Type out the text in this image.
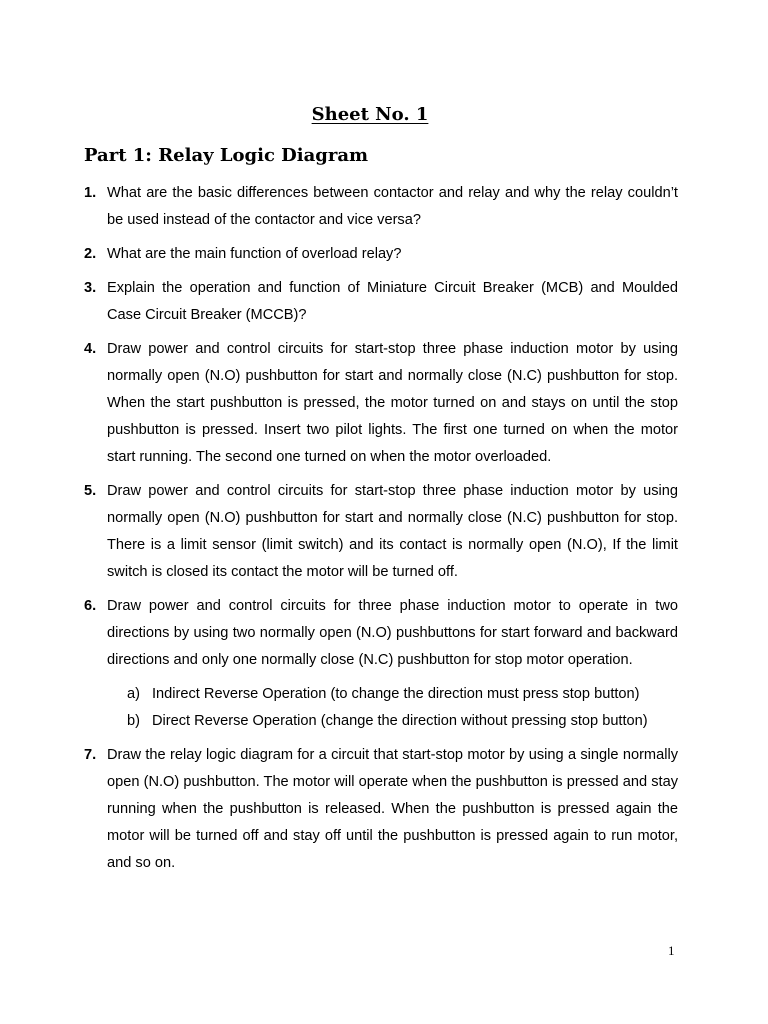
Sheet No. 1
Part 1: Relay Logic Diagram
1. What are the basic differences between contactor and relay and why the relay couldn’t be used instead of the contactor and vice versa?
2. What are the main function of overload relay?
3. Explain the operation and function of Miniature Circuit Breaker (MCB) and Moulded Case Circuit Breaker (MCCB)?
4. Draw power and control circuits for start-stop three phase induction motor by using normally open (N.O) pushbutton for start and normally close (N.C) pushbutton for stop. When the start pushbutton is pressed, the motor turned on and stays on until the stop pushbutton is pressed. Insert two pilot lights. The first one turned on when the motor start running. The second one turned on when the motor overloaded.
5. Draw power and control circuits for start-stop three phase induction motor by using normally open (N.O) pushbutton for start and normally close (N.C) pushbutton for stop. There is a limit sensor (limit switch) and its contact is normally open (N.O), If the limit switch is closed its contact the motor will be turned off.
6. Draw power and control circuits for three phase induction motor to operate in two directions by using two normally open (N.O) pushbuttons for start forward and backward directions and only one normally close (N.C) pushbutton for stop motor operation.
a) Indirect Reverse Operation (to change the direction must press stop button)
b) Direct Reverse Operation (change the direction without pressing stop button)
7. Draw the relay logic diagram for a circuit that start-stop motor by using a single normally open (N.O) pushbutton. The motor will operate when the pushbutton is pressed and stay running when the pushbutton is released. When the pushbutton is pressed again the motor will be turned off and stay off until the pushbutton is pressed again to run motor, and so on.

1
